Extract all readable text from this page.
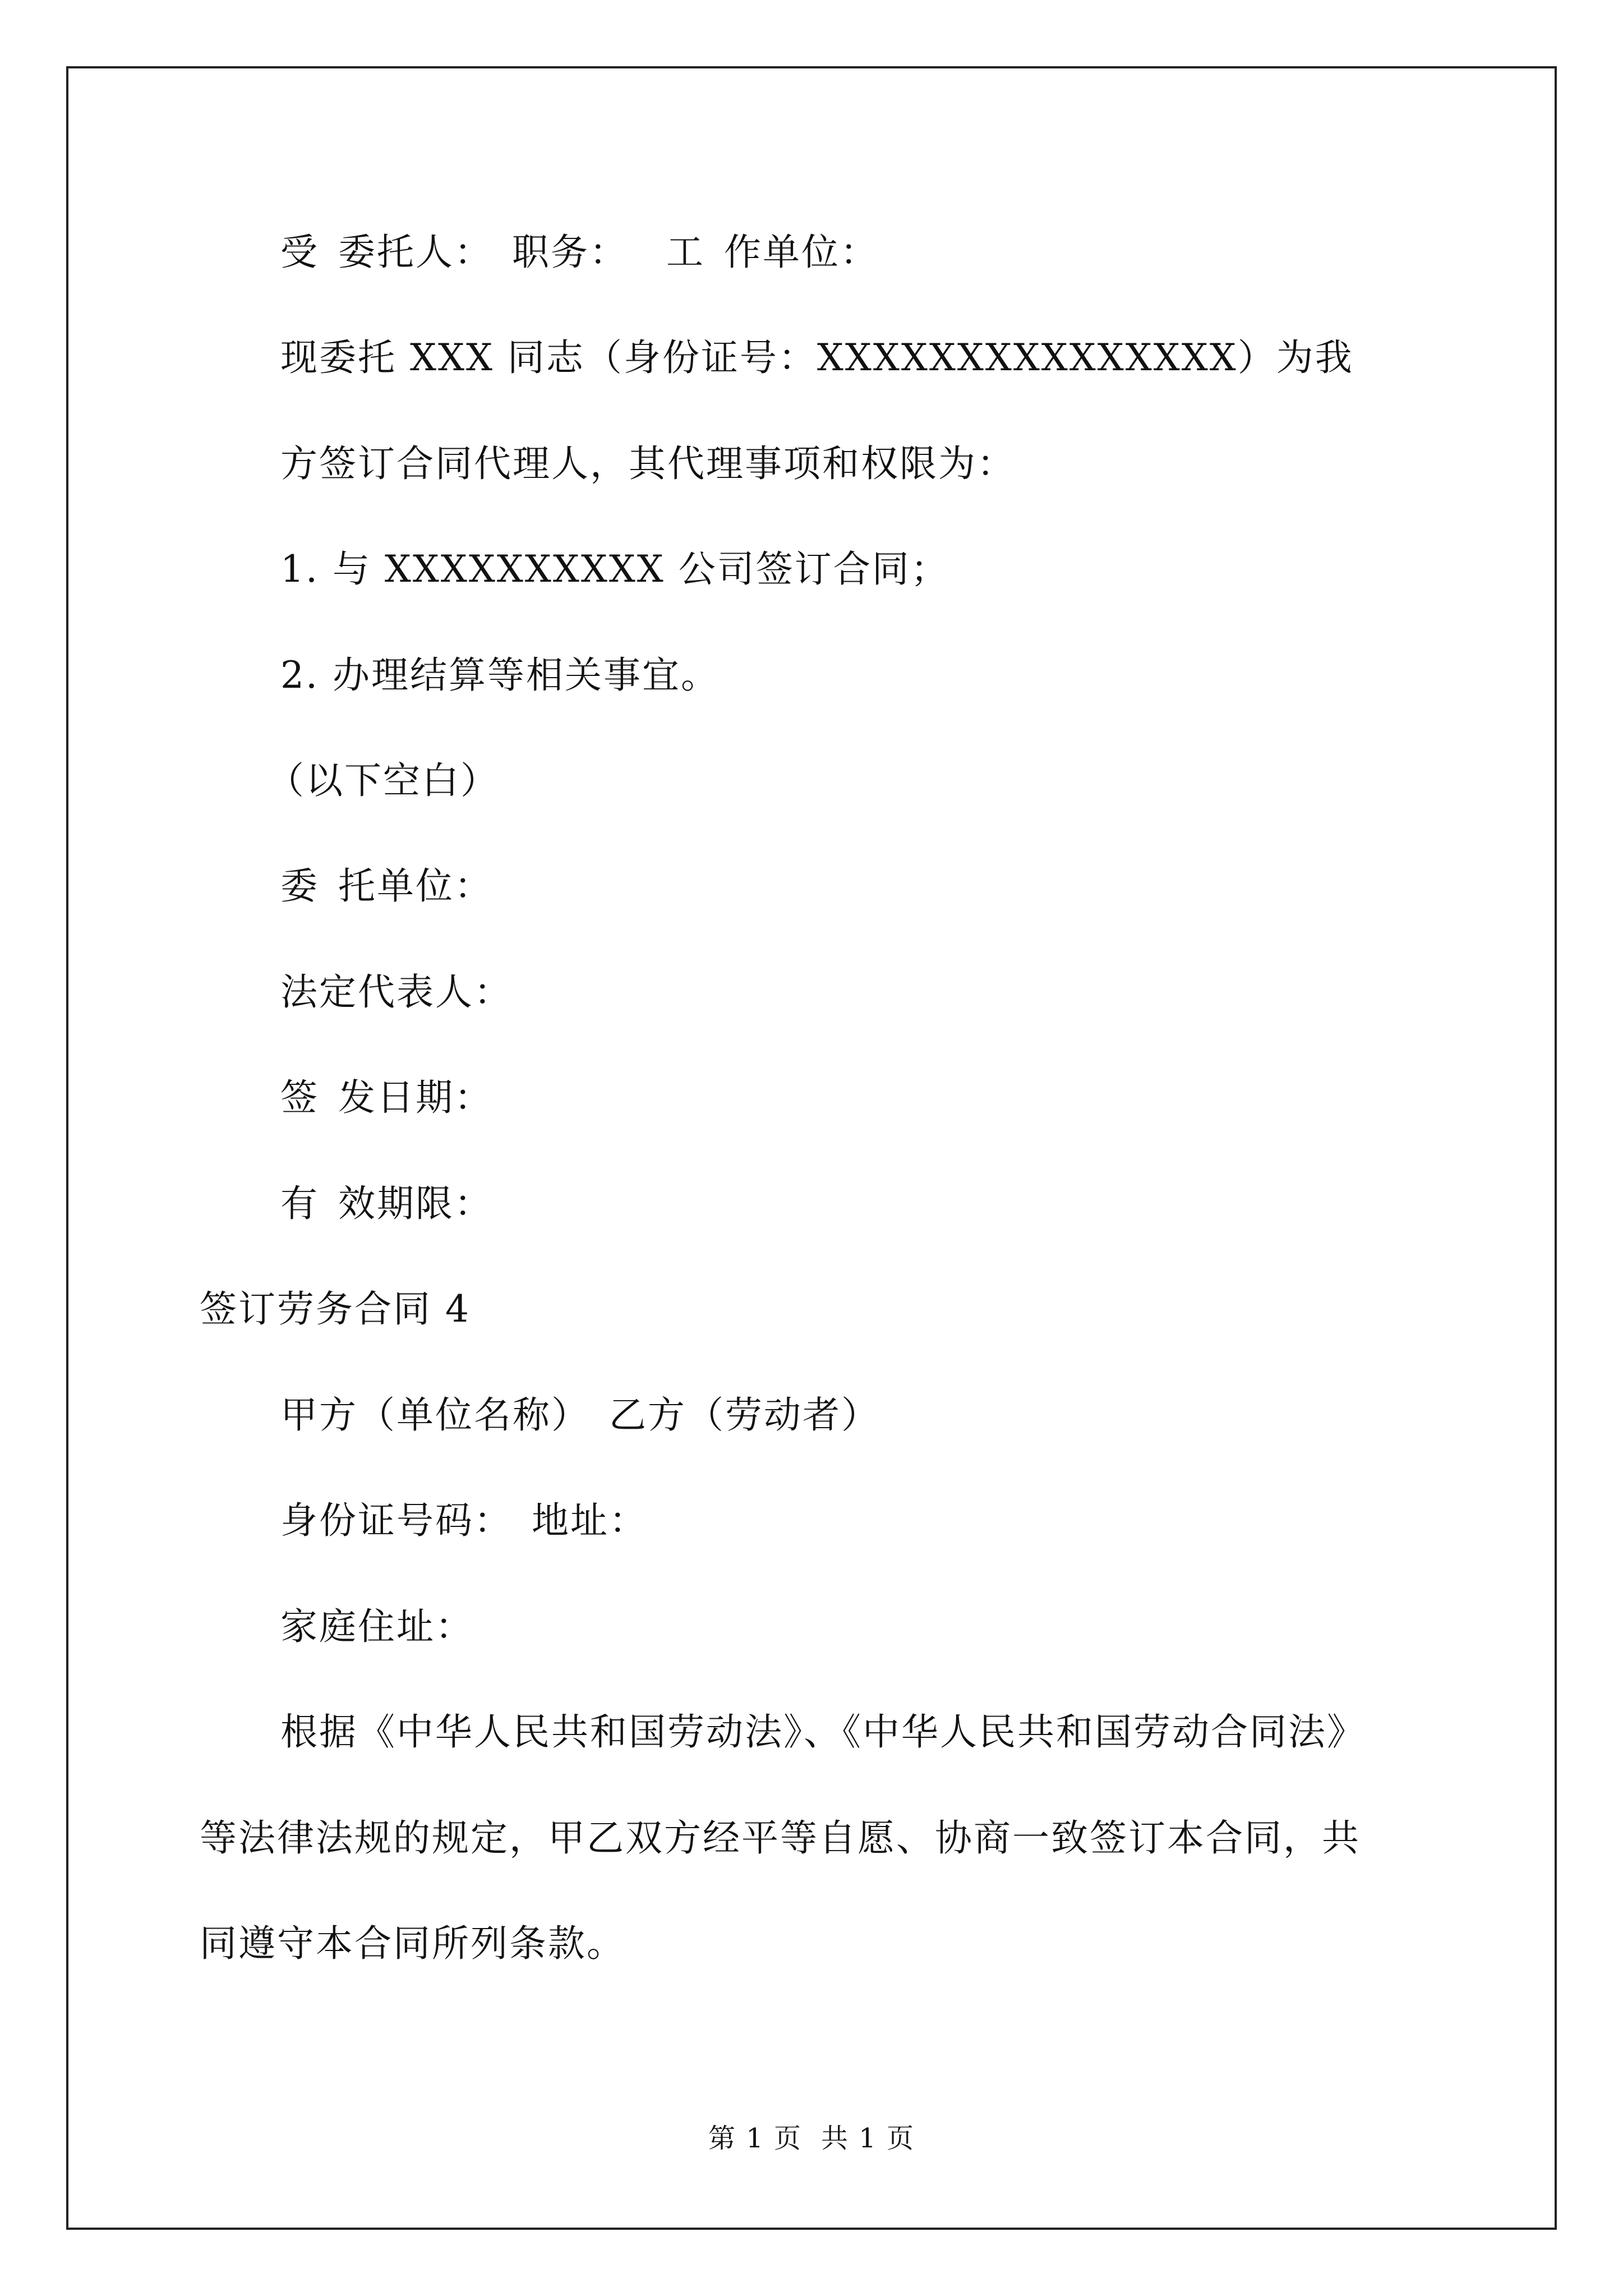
受 委托人： 职务： 工 作单位：
现委托 XXX 同志（身份证号：XXXXXXXXXXXXXXX）为我
方签订合同代理人，其代理事项和权限为：
1. 与 XXXXXXXXXX 公司签订合同；
2. 办理结算等相关事宜。
（以下空白）
委 托单位：
法定代表人：
签 发日期：
有 效期限：
签订劳务合同 4
甲方（单位名称） 乙方（劳动者）
身份证号码： 地址：
家庭住址：
根据《中华人民共和国劳动法》、《中华人民共和国劳动合同法》
等法律法规的规定，甲乙双方经平等自愿、协商一致签订本合同，共
同遵守本合同所列条款。
第 1 页 共 1 页
